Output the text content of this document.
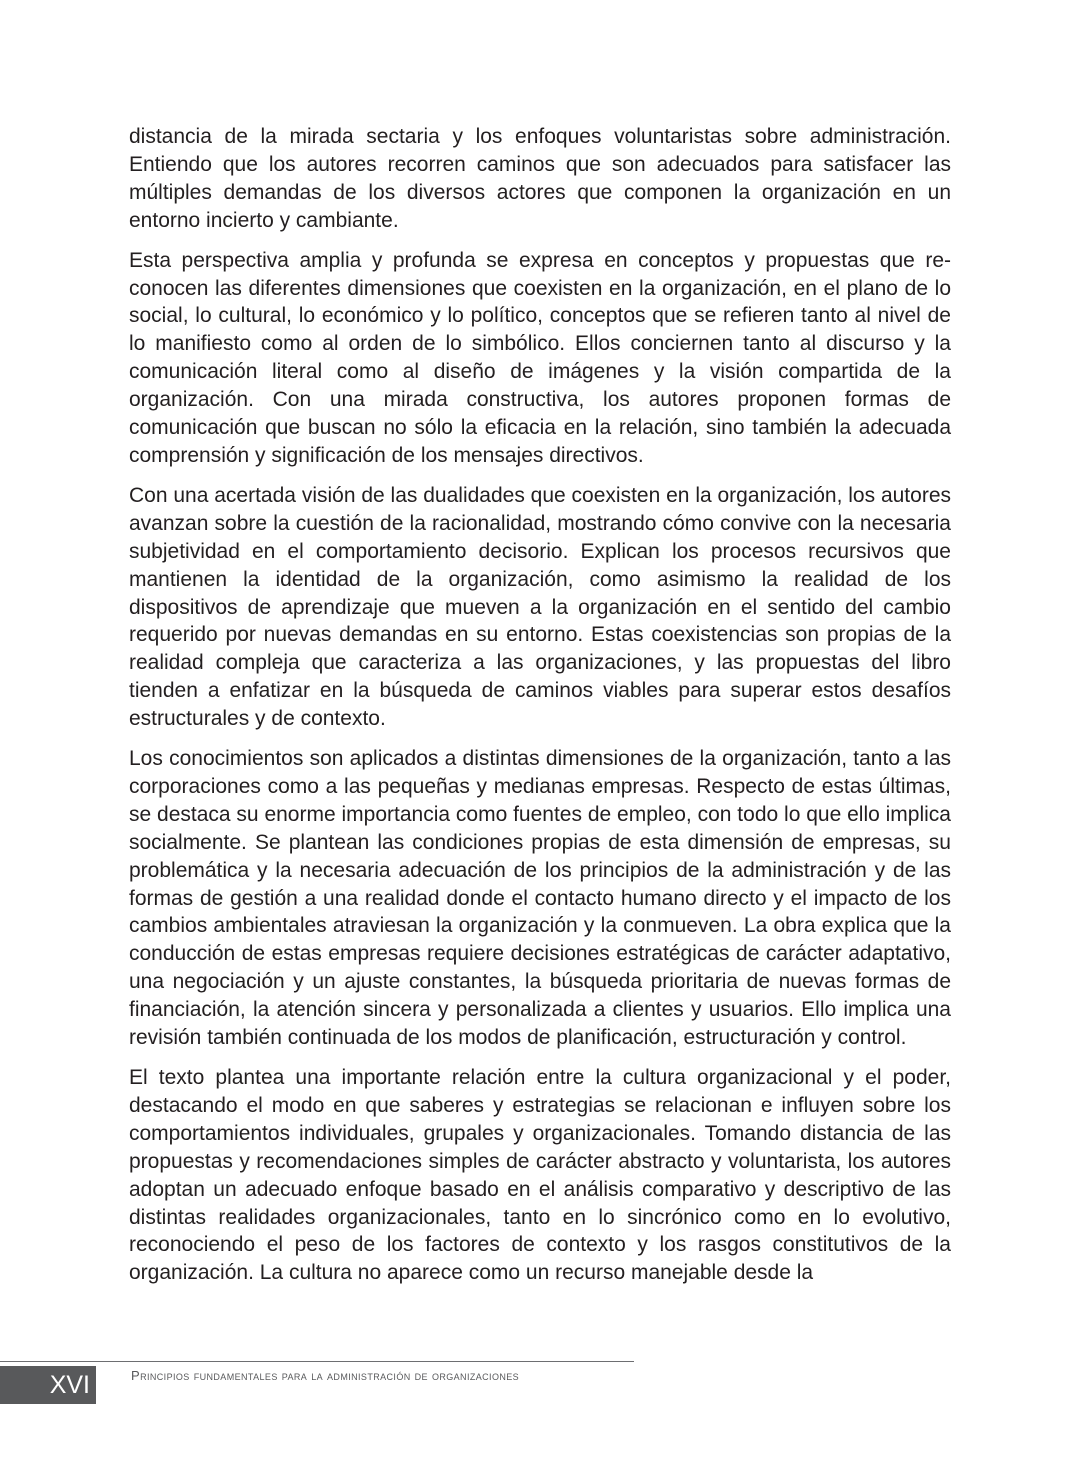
distancia de la mirada sectaria y los enfoques voluntaristas sobre administración. Entiendo que los autores recorren caminos que son adecuados para satisfacer las múltiples demandas de los diversos actores que componen la organización en un entorno incierto y cambiante.

Esta perspectiva amplia y profunda se expresa en conceptos y propuestas que reconocen las diferentes dimensiones que coexisten en la organización, en el plano de lo social, lo cultural, lo económico y lo político, conceptos que se refieren tanto al nivel de lo manifiesto como al orden de lo simbólico. Ellos conciernen tanto al discurso y la comunicación literal como al diseño de imágenes y la visión compartida de la organización. Con una mirada constructiva, los autores proponen formas de comunicación que buscan no sólo la eficacia en la relación, sino también la adecuada comprensión y significación de los mensajes directivos.

Con una acertada visión de las dualidades que coexisten en la organización, los autores avanzan sobre la cuestión de la racionalidad, mostrando cómo convive con la necesaria subjetividad en el comportamiento decisorio. Explican los procesos recursivos que mantienen la identidad de la organización, como asimismo la realidad de los dispositivos de aprendizaje que mueven a la organización en el sentido del cambio requerido por nuevas demandas en su entorno. Estas coexistencias son propias de la realidad compleja que caracteriza a las organizaciones, y las propuestas del libro tienden a enfatizar en la búsqueda de caminos viables para superar estos desafíos estructurales y de contexto.

Los conocimientos son aplicados a distintas dimensiones de la organización, tanto a las corporaciones como a las pequeñas y medianas empresas. Respecto de estas últimas, se destaca su enorme importancia como fuentes de empleo, con todo lo que ello implica socialmente. Se plantean las condiciones propias de esta dimensión de empresas, su problemática y la necesaria adecuación de los principios de la administración y de las formas de gestión a una realidad donde el contacto humano directo y el impacto de los cambios ambientales atraviesan la organización y la conmueven. La obra explica que la conducción de estas empresas requiere decisiones estratégicas de carácter adaptativo, una negociación y un ajuste constantes, la búsqueda prioritaria de nuevas formas de financiación, la atención sincera y personalizada a clientes y usuarios. Ello implica una revisión también continuada de los modos de planificación, estructuración y control.

El texto plantea una importante relación entre la cultura organizacional y el poder, destacando el modo en que saberes y estrategias se relacionan e influyen sobre los comportamientos individuales, grupales y organizacionales. Tomando distancia de las propuestas y recomendaciones simples de carácter abstracto y voluntarista, los autores adoptan un adecuado enfoque basado en el análisis comparativo y descriptivo de las distintas realidades organizacionales, tanto en lo sincrónico como en lo evolutivo, reconociendo el peso de los factores de contexto y los rasgos constitutivos de la organización. La cultura no aparece como un recurso manejable desde la

XVI	Principios fundamentales para la administración de organizaciones
